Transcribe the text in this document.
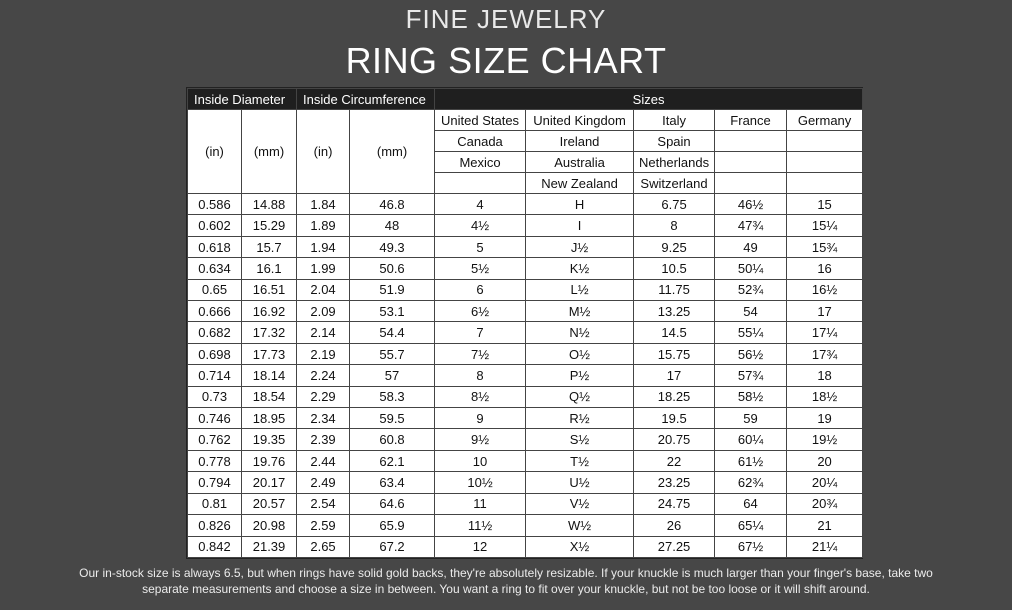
FINE JEWELRY
RING SIZE CHART
Inside Diameter		Inside Circumference		Sizes				
(in)	(mm)	(in)	(mm)	United States	United Kingdom	Italy	France	Germany
				Canada	Ireland	Spain		
				Mexico	Australia	Netherlands		
					New Zealand	Switzerland		
0.586	14.88	1.84	46.8	4	H	6.75	46½	15
0.602	15.29	1.89	48	4½	I	8	47¾	15¼
0.618	15.7	1.94	49.3	5	J½	9.25	49	15¾
0.634	16.1	1.99	50.6	5½	K½	10.5	50¼	16
0.65	16.51	2.04	51.9	6	L½	11.75	52¾	16½
0.666	16.92	2.09	53.1	6½	M½	13.25	54	17
0.682	17.32	2.14	54.4	7	N½	14.5	55¼	17¼
0.698	17.73	2.19	55.7	7½	O½	15.75	56½	17¾
0.714	18.14	2.24	57	8	P½	17	57¾	18
0.73	18.54	2.29	58.3	8½	Q½	18.25	58½	18½
0.746	18.95	2.34	59.5	9	R½	19.5	59	19
0.762	19.35	2.39	60.8	9½	S½	20.75	60¼	19½
0.778	19.76	2.44	62.1	10	T½	22	61½	20
0.794	20.17	2.49	63.4	10½	U½	23.25	62¾	20¼
0.81	20.57	2.54	64.6	11	V½	24.75	64	20¾
0.826	20.98	2.59	65.9	11½	W½	26	65¼	21
0.842	21.39	2.65	67.2	12	X½	27.25	67½	21¼
Our in-stock size is always 6.5, but when rings have solid gold backs, they're absolutely resizable. If your knuckle is much larger than your finger's base, take two
separate measurements and choose a size in between. You want a ring to fit over your knuckle, but not be too loose or it will shift around.
